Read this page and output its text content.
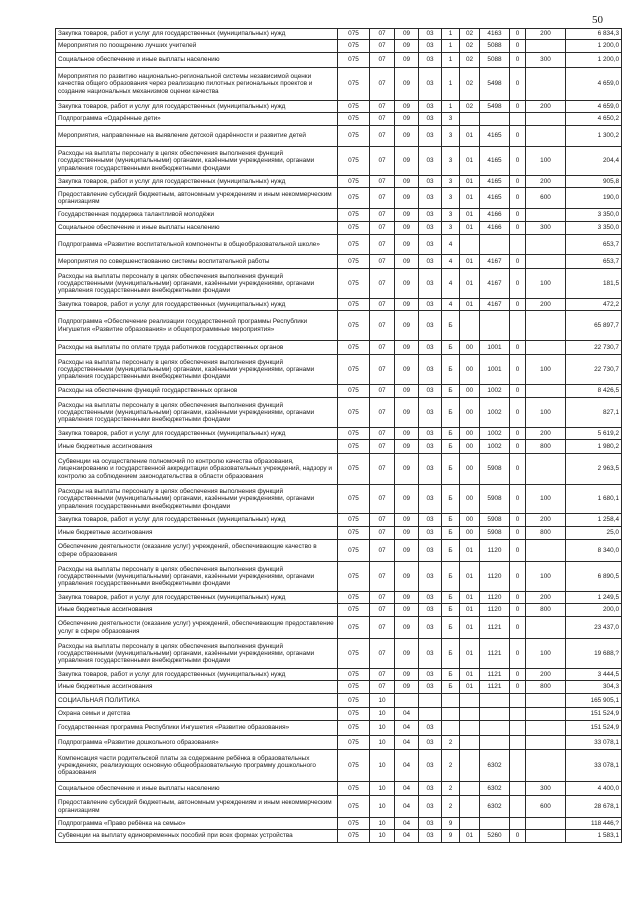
50
Закупка товаров, работ и услуг для государственных (муниципальных) нужд	075	07	09	03	1	02	4163	0	200	6 834,3
Мероприятия по поощрению лучших учителей	075	07	09	03	1	02	5088	0		1 200,0
Социальное обеспечение и иные выплаты населению	075	07	09	03	1	02	5088	0	300	1 200,0
Мероприятия по развитию национально-региональной системы независимой оценки качества общего образования через реализацию пилотных региональных проектов и создание национальных механизмов оценки качества	075	07	09	03	1	02	5498	0		4 659,0
Закупка товаров, работ и услуг для государственных (муниципальных) нужд	075	07	09	03	1	02	5498	0	200	4 659,0
Подпрограмма «Одарённые дети»	075	07	09	03	3					4 650,2
Мероприятия, направленные на выявление детской одарённости и развитие детей	075	07	09	03	3	01	4165	0		1 300,2
Расходы на выплаты персоналу в целях обеспечения выполнения функций государственными (муниципальными) органами, казёнными учреждениями, органами управления государственными внебюджетными фондами	075	07	09	03	3	01	4165	0	100	204,4
Закупка товаров, работ и услуг для государственных (муниципальных) нужд	075	07	09	03	3	01	4165	0	200	905,8
Предоставление субсидий бюджетным, автономным учреждениям и иным некоммерческим организациям	075	07	09	03	3	01	4165	0	600	190,0
Государственная поддержка талантливой молодёжи	075	07	09	03	3	01	4166	0		3 350,0
Социальное обеспечение и иные выплаты населению	075	07	09	03	3	01	4166	0	300	3 350,0
Подпрограмма «Развитие воспитательной компоненты в общеобразовательной школе»	075	07	09	03	4					653,7
Мероприятия по совершенствованию системы воспитательной работы	075	07	09	03	4	01	4167	0		653,7
Расходы на выплаты персоналу в целях обеспечения выполнения функций государственными (муниципальными) органами, казёнными учреждениями, органами управления государственными внебюджетными фондами	075	07	09	03	4	01	4167	0	100	181,5
Закупка товаров, работ и услуг для государственных (муниципальных) нужд	075	07	09	03	4	01	4167	0	200	472,2
Подпрограмма «Обеспечение реализации государственной программы Республики Ингушетия «Развитие образования» и общепрограммные мероприятия»	075	07	09	03	Б					65 897,7
Расходы на выплаты по оплате труда работников государственных органов	075	07	09	03	Б	00	1001	0		22 730,7
Расходы на выплаты персоналу в целях обеспечения выполнения функций государственными (муниципальными) органами, казёнными учреждениями, органами управления государственными внебюджетными фондами	075	07	09	03	Б	00	1001	0	100	22 730,7
Расходы на обеспечение функций государственных органов	075	07	09	03	Б	00	1002	0		8 426,5
Расходы на выплаты персоналу в целях обеспечения выполнения функций государственными (муниципальными) органами, казёнными учреждениями, органами управления государственными внебюджетными фондами	075	07	09	03	Б	00	1002	0	100	827,1
Закупка товаров, работ и услуг для государственных (муниципальных) нужд	075	07	09	03	Б	00	1002	0	200	5 619,2
Иные бюджетные ассигнования	075	07	09	03	Б	00	1002	0	800	1 980,2
Субвенции на осуществление полномочий по контролю качества образования, лицензированию и государственной аккредитации образовательных учреждений, надзору и контролю за соблюдением законодательства в области образования	075	07	09	03	Б	00	5908	0		2 963,5
Расходы на выплаты персоналу в целях обеспечения выполнения функций государственными (муниципальными) органами, казёнными учреждениями, органами управления государственными внебюджетными фондами	075	07	09	03	Б	00	5908	0	100	1 680,1
Закупка товаров, работ и услуг для государственных (муниципальных) нужд	075	07	09	03	Б	00	5908	0	200	1 258,4
Иные бюджетные ассигнования	075	07	09	03	Б	00	5908	0	800	25,0
Обеспечение деятельности (оказание услуг) учреждений, обеспечивающие качество в сфере образования	075	07	09	03	Б	01	1120	0		8 340,0
Расходы на выплаты персоналу в целях обеспечения выполнения функций государственными (муниципальными) органами, казёнными учреждениями, органами управления государственными внебюджетными фондами	075	07	09	03	Б	01	1120	0	100	6 890,5
Закупка товаров, работ и услуг для государственных (муниципальных) нужд	075	07	09	03	Б	01	1120	0	200	1 249,5
Иные бюджетные ассигнования	075	07	09	03	Б	01	1120	0	800	200,0
Обеспечение деятельности (оказание услуг) учреждений, обеспечивающие предоставление услуг в сфере образования	075	07	09	03	Б	01	1121	0		23 437,0
Расходы на выплаты персоналу в целях обеспечения выполнения функций государственными (муниципальными) органами, казёнными учреждениями, органами управления государственными внебюджетными фондами	075	07	09	03	Б	01	1121	0	100	19 688,?
Закупка товаров, работ и услуг для государственных (муниципальных) нужд	075	07	09	03	Б	01	1121	0	200	3 444,5
Иные бюджетные ассигнования	075	07	09	03	Б	01	1121	0	800	304,3
СОЦИАЛЬНАЯ ПОЛИТИКА	075	10								165 905,1
Охрана семьи и детства	075	10	04							151 524,9
Государственная программа Республики Ингушетия «Развитие образования»	075	10	04	03						151 524,9
Подпрограмма «Развитие дошкольного образования»	075	10	04	03	2					33 078,1
Компенсация части родительской платы за содержание ребёнка в образовательных учреждениях, реализующих основную общеобразовательную программу дошкольного образования	075	10	04	03	2		6302			33 078,1
Социальное обеспечение и иные выплаты населению	075	10	04	03	2		6302		300	4 400,0
Предоставление субсидий бюджетным, автономным учреждениям и иным некоммерческим организациям	075	10	04	03	2		6302		600	28 678,1
Подпрограмма «Право ребёнка на семью»	075	10	04	03	9					118 446,?
Субвенции на выплату единовременных пособий при всех формах устройства	075	10	04	03	9	01	5260	0		1 583,1
